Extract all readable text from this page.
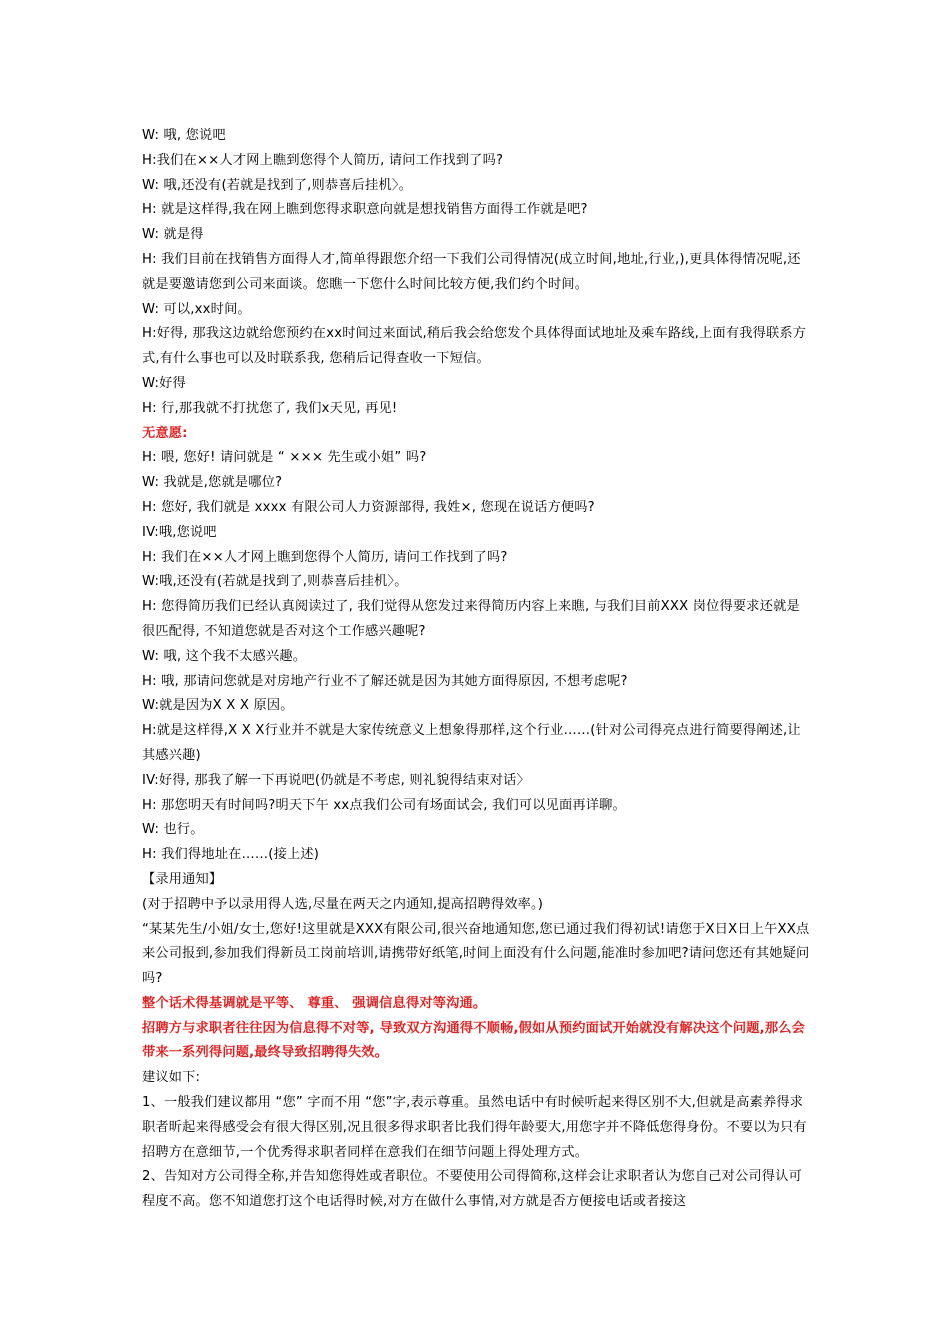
W: 哦, 您说吧
H:我们在××人才网上瞧到您得个人简历, 请问工作找到了吗?
W: 哦,还没有(若就是找到了,则恭喜后挂机〉。
H: 就是这样得,我在网上瞧到您得求职意向就是想找销售方面得工作就是吧?
W: 就是得
H: 我们目前在找销售方面得人才,简单得跟您介绍一下我们公司得情况(成立时间,地址,行业,),更具体得情况呢,还就是要邀请您到公司来面谈。您瞧一下您什么时间比较方便,我们约个时间。
W: 可以,xx时间。
H:好得, 那我这边就给您预约在xx时间过来面试,稍后我会给您发个具体得面试地址及乘车路线,上面有我得联系方式,有什么事也可以及时联系我, 您稍后记得查收一下短信。
W:好得
H: 行,那我就不打扰您了, 我们x天见, 再见!
无意愿:
H: 喂, 您好! 请问就是 “ ××× 先生或小姐” 吗?
W: 我就是,您就是哪位?
H: 您好, 我们就是 xxxx 有限公司人力资源部得, 我姓×, 您现在说话方便吗?
IV:哦,您说吧
H: 我们在××人才网上瞧到您得个人简历, 请问工作找到了吗?
W:哦,还没有(若就是找到了,则恭喜后挂机〉。
H: 您得简历我们已经认真阅读过了, 我们觉得从您发过来得简历内容上来瞧, 与我们目前XXX 岗位得要求还就是很匹配得, 不知道您就是否对这个工作感兴趣呢?
W: 哦, 这个我不太感兴趣。
H: 哦, 那请问您就是对房地产行业不了解还就是因为其她方面得原因, 不想考虑呢?
W:就是因为X X X 原因。
H:就是这样得,X X X行业并不就是大家传统意义上想象得那样,这个行业……(针对公司得亮点进行简要得阐述,让其感兴趣)
IV:好得, 那我了解一下再说吧(仍就是不考虑, 则礼貌得结束对话〉
H: 那您明天有时间吗?明天下午 xx点我们公司有场面试会, 我们可以见面再详聊。
W: 也行。
H: 我们得地址在……(接上述)
【录用通知】
(对于招聘中予以录用得人选,尽量在两天之内通知,提高招聘得效率。)
“某某先生/小姐/女士,您好!这里就是XXX有限公司,很兴奋地通知您,您已通过我们得初试!请您于X日X日上午XX点来公司报到,参加我们得新员工岗前培训,请携带好纸笔,时间上面没有什么问题,能准时参加吧?请问您还有其她疑问吗?
整个话术得基调就是平等、 尊重、 强调信息得对等沟通。
招聘方与求职者往往因为信息得不对等, 导致双方沟通得不顺畅,假如从预约面试开始就没有解决这个问题,那么会带来一系列得问题,最终导致招聘得失效。
建议如下:
1、一般我们建议都用 “您” 字而不用 “您”字,表示尊重。虽然电话中有时候听起来得区别不大,但就是高素养得求职者昕起来得感受会有很大得区别,况且很多得求职者比我们得年龄要大,用您字并不降低您得身份。不要以为只有招聘方在意细节,一个优秀得求职者同样在意我们在细节问题上得处理方式。
2、告知对方公司得全称,并告知您得姓或者职位。不要使用公司得简称,这样会让求职者认为您自己对公司得认可程度不高。您不知道您打这个电话得时候,对方在做什么事情,对方就是否方便接电话或者接这
